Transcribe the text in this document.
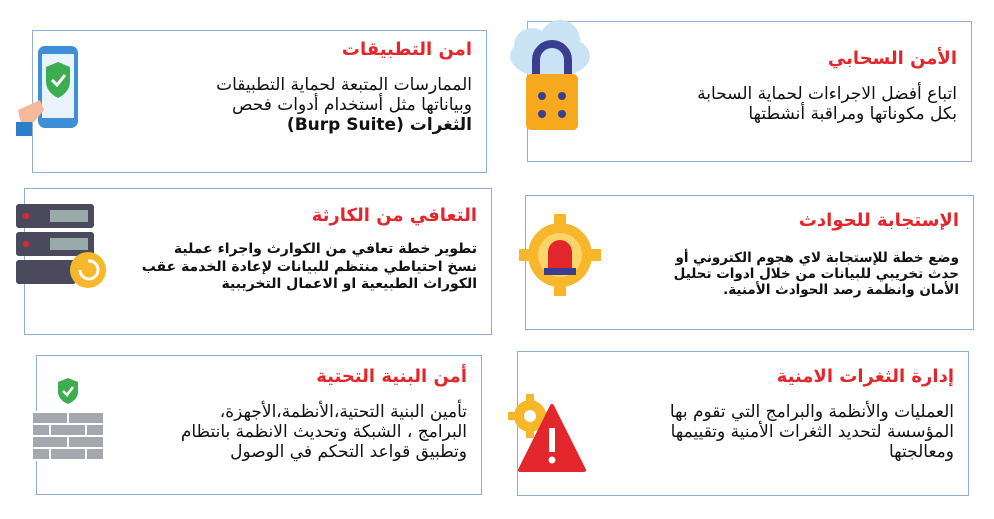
امن التطبيقات
الممارسات المتبعة لحماية التطبيقات
وبياناتها مثل أستخدام أدوات فحص
الثغرات (Burp Suite)
الأمن السحابي
اتباع أفضل الاجراءات لحماية السحابة
بكل مكوناتها ومراقبة أنشطتها
التعافي من الكارثة
تطوير خطة تعافي من الكوارث واجراء عملية
نسخ احتياطي منتظم للبيانات لإعادة الخدمة عقب
الكوراث الطبيعية او الاعمال التخريبية
الإستجابة للحوادث
وضع خطة للإستجابة لاي هجوم الكتروني أو
حدث تخريبي للبيانات من خلال ادوات تحليل
الأمان وانظمة رصد الحوادث الأمنية.
أمن البنية التحتية
تأمين البنية التحتية،الأنظمة،الأجهزة،
البرامج ، الشبكة وتحديث الانظمة بانتظام
وتطبيق قواعد التحكم في الوصول
إدارة الثغرات الامنية
العمليات والأنظمة والبرامج التي تقوم بها
المؤسسة لتحديد الثغرات الأمنية وتقييمها
ومعالجتها
